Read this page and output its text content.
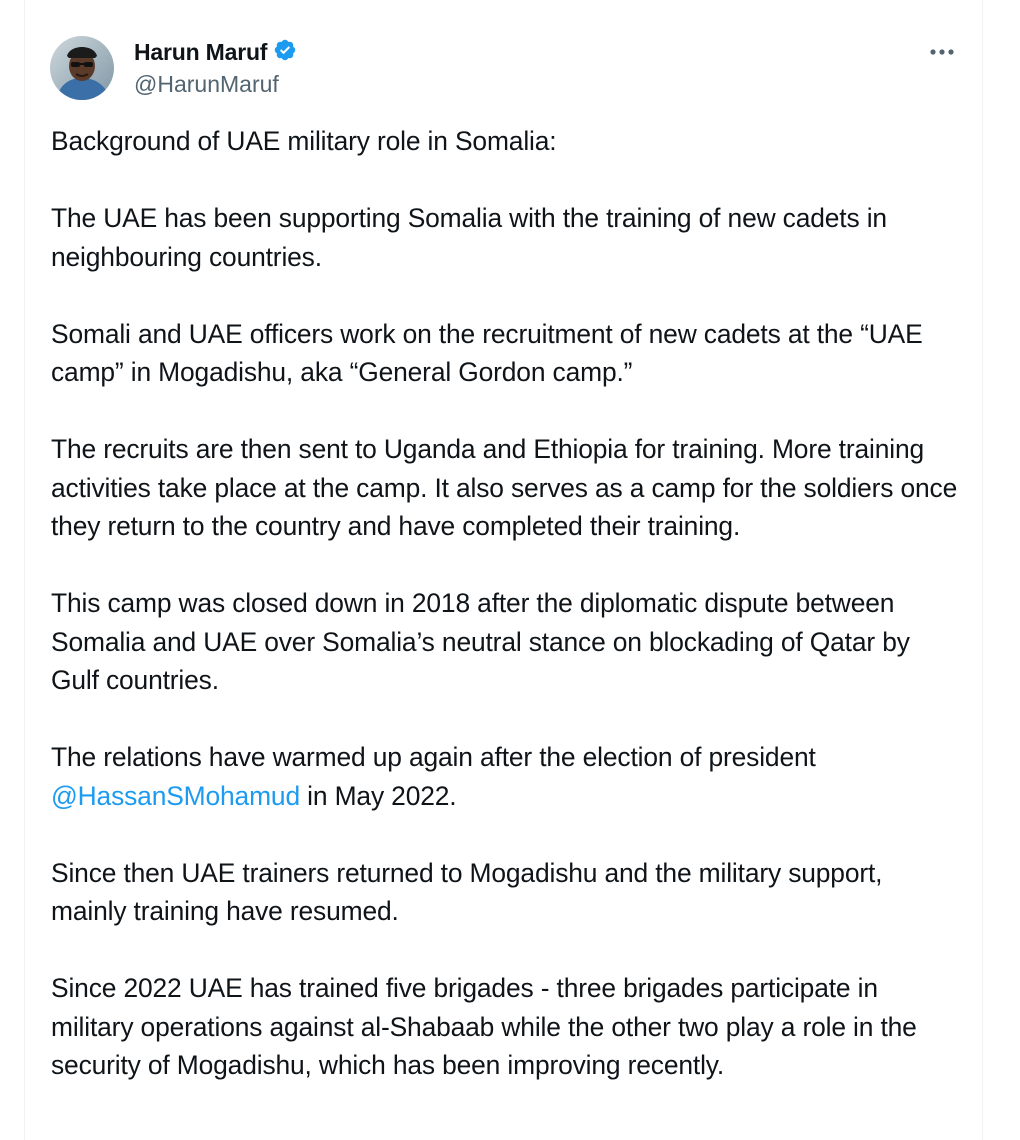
Harun Maruf
@HarunMaruf

Background of UAE military role in Somalia:

The UAE has been supporting Somalia with the training of new cadets in neighbouring countries.

Somali and UAE officers work on the recruitment of new cadets at the “UAE camp” in Mogadishu, aka “General Gordon camp.”

The recruits are then sent to Uganda and Ethiopia for training. More training activities take place at the camp. It also serves as a camp for the soldiers once they return to the country and have completed their training.

This camp was closed down in 2018 after the diplomatic dispute between Somalia and UAE over Somalia’s neutral stance on blockading of Qatar by Gulf countries.

The relations have warmed up again after the election of president @HassanSMohamud in May 2022.

Since then UAE trainers returned to Mogadishu and the military support, mainly training have resumed.

Since 2022 UAE has trained five brigades - three brigades participate in military operations against al-Shabaab while the other two play a role in the security of Mogadishu, which has been improving recently.
